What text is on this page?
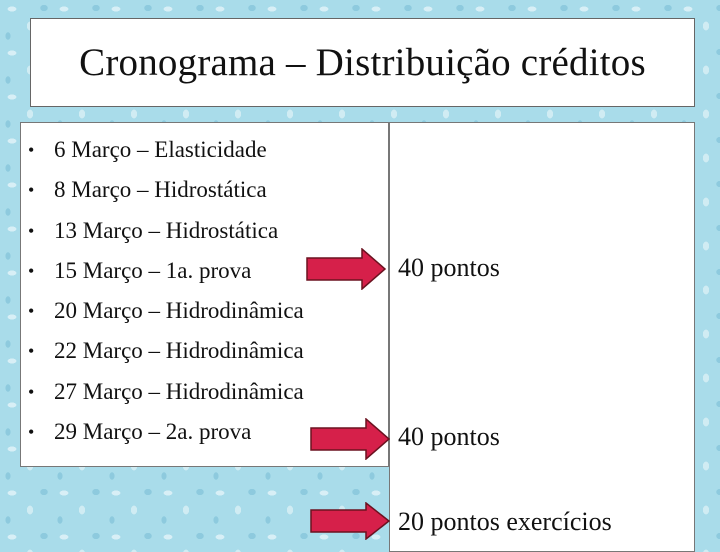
Cronograma – Distribuição créditos
• 6 Março – Elasticidade
• 8 Março – Hidrostática
• 13 Março – Hidrostática
• 15 Março – 1a. prova
• 20 Março – Hidrodinâmica
• 22 Março – Hidrodinâmica
• 27 Março – Hidrodinâmica
• 29 Março – 2a. prova
40 pontos
40 pontos
20 pontos exercícios
